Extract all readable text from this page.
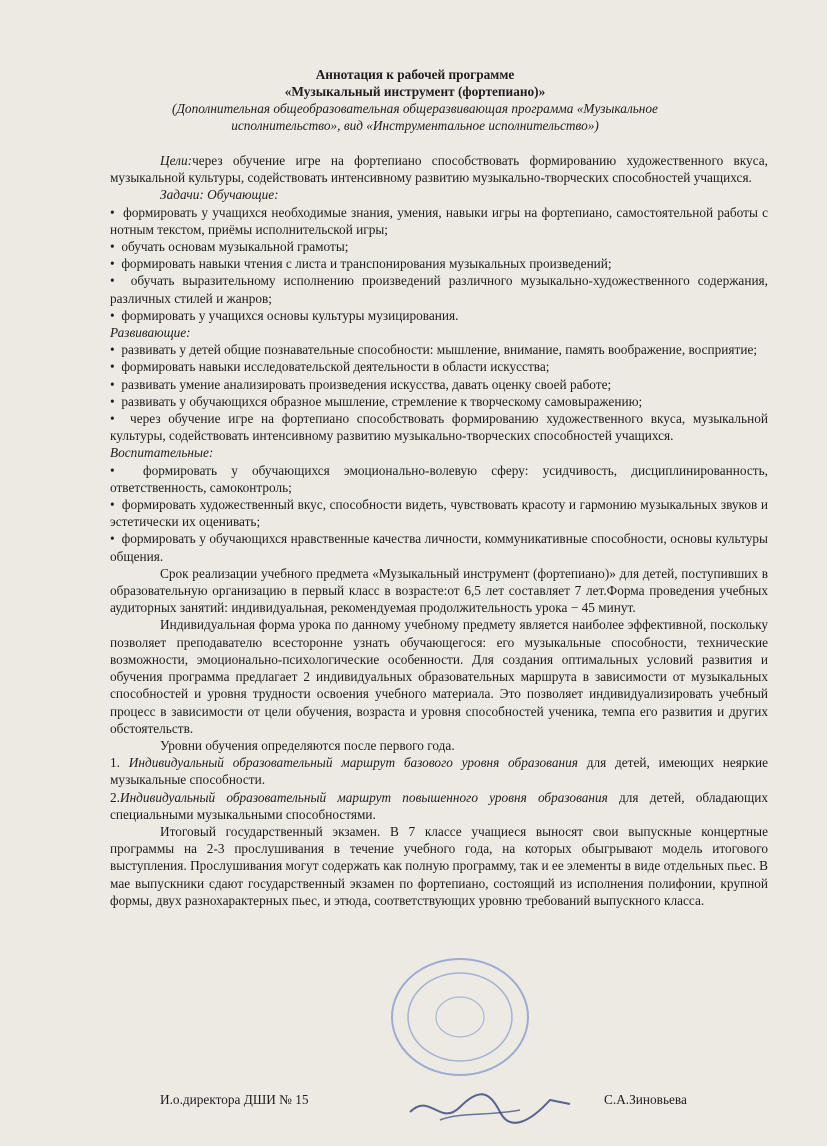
Аннотация к рабочей программе
«Музыкальный инструмент (фортепиано)»
(Дополнительная общеобразовательная общеразвивающая программа «Музыкальное
исполнительство», вид «Инструментальное исполнительство»)

Цели:через обучение игре на фортепиано способствовать формированию художественного вкуса, музыкальной культуры, содействовать интенсивному развитию музыкально-творческих способностей учащихся.

Задачи: Обучающие:

•  формировать у учащихся необходимые знания, умения, навыки игры на фортепиано, самостоятельной работы с нотным текстом, приёмы исполнительской игры;

•  обучать основам музыкальной грамоты;

•  формировать навыки чтения с листа и транспонирования музыкальных произведений;

•  обучать выразительному исполнению произведений различного музыкально-художественного содержания, различных стилей и жанров;

•  формировать у учащихся основы культуры музицирования.

Развивающие:

•  развивать у детей общие познавательные способности: мышление, внимание, память воображение, восприятие;

•  формировать навыки исследовательской деятельности в области искусства;

•  развивать умение анализировать произведения искусства, давать оценку своей работе;

•  развивать у обучающихся образное мышление, стремление к творческому самовыражению;

•  через обучение игре на фортепиано способствовать формированию художественного вкуса, музыкальной культуры, содействовать интенсивному развитию музыкально-творческих способностей учащихся.

Воспитательные:

•  формировать у обучающихся эмоционально-волевую сферу: усидчивость, дисциплинированность, ответственность, самоконтроль;

•  формировать художественный вкус, способности видеть, чувствовать красоту и гармонию музыкальных звуков и эстетически их оценивать;

•  формировать у обучающихся нравственные качества личности, коммуникативные способности, основы культуры общения.

Срок реализации учебного предмета «Музыкальный инструмент (фортепиано)» для детей, поступивших в образовательную организацию в первый класс в возрасте:от 6,5 лет составляет 7 лет.Форма проведения учебных аудиторных занятий: индивидуальная, рекомендуемая продолжительность урока − 45 минут.

Индивидуальная форма урока по данному учебному предмету является наиболее эффективной, поскольку позволяет преподавателю всесторонне узнать обучающегося: его музыкальные способности, технические возможности, эмоционально-психологические особенности. Для создания оптимальных условий развития и обучения программа предлагает 2 индивидуальных образовательных маршрута в зависимости от музыкальных способностей и уровня трудности освоения учебного материала. Это позволяет индивидуализировать учебный процесс в зависимости от цели обучения, возраста и уровня способностей ученика, темпа его развития и других обстоятельств.

Уровни обучения определяются после первого года.

1. Индивидуальный образовательный маршрут базового уровня образования для детей, имеющих неяркие музыкальные способности.

2.Индивидуальный образовательный маршрут повышенного уровня образования для детей, обладающих специальными музыкальными способностями.

Итоговый государственный экзамен. В 7 классе учащиеся выносят свои выпускные концертные программы на 2-3 прослушивания в течение учебного года, на которых обыгрывают модель итогового выступления. Прослушивания могут содержать как полную программу, так и ее элементы в виде отдельных пьес. В мае выпускники сдают государственный экзамен по фортепиано, состоящий из исполнения полифонии, крупной формы, двух разнохарактерных пьес, и этюда, соответствующих уровню требований выпускного класса.

И.о.директора ДШИ № 15	С.А.Зиновьева
